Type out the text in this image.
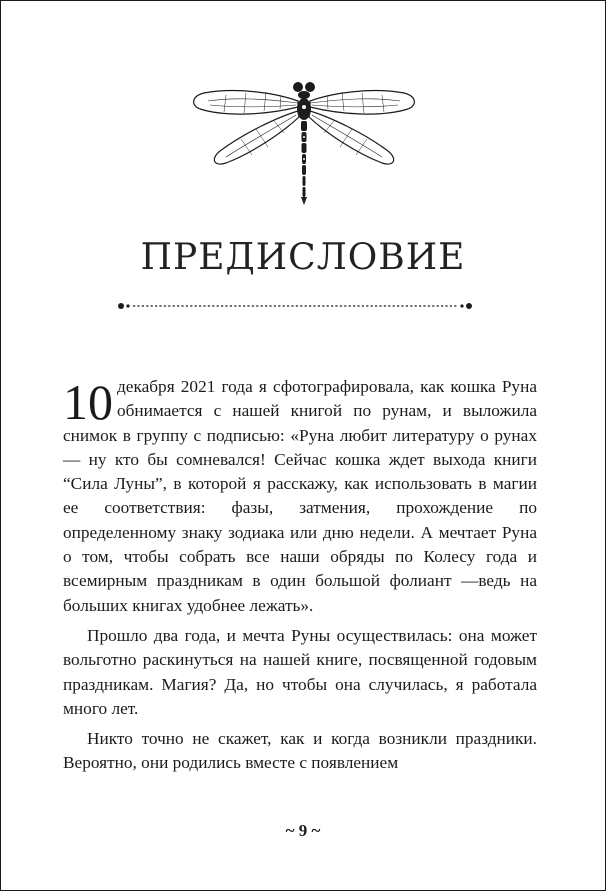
ПРЕДИСЛОВИЕ

10 декабря 2021 года я сфотографировала, как кошка Руна обнимается с нашей книгой по рунам, и выложила снимок в группу с подписью: «Руна любит литературу о рунах — ну кто бы сомневался! Сейчас кошка ждет выхода книги “Сила Луны”, в которой я расскажу, как использовать в магии ее соответствия: фазы, затмения, прохождение по определенному знаку зодиака или дню недели. А мечтает Руна о том, чтобы собрать все наши обряды по Колесу года и всемирным праздникам в один большой фолиант —ведь на больших книгах удобнее лежать».

Прошло два года, и мечта Руны осуществилась: она может вольготно раскинуться на нашей книге, посвященной годовым праздникам. Магия? Да, но чтобы она случилась, я работала много лет.

Никто точно не скажет, как и когда возникли праздники. Вероятно, они родились вместе с появлением

~ 9 ~
